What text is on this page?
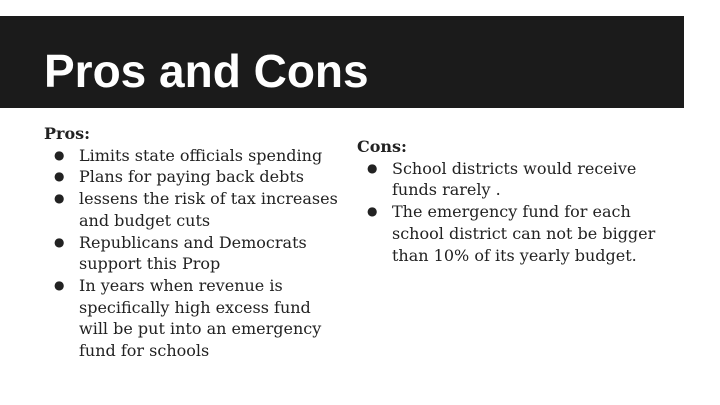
Pros and Cons

Pros:

● Limits state officials spending
● Plans for paying back debts
● lessens the risk of tax increases and budget cuts
● Republicans and Democrats support this Prop
● In years when revenue is specifically high excess fund will be put into an emergency fund for schools

Cons:

● School districts would receive funds rarely .
● The emergency fund for each school district can not be bigger than 10% of its yearly budget.
